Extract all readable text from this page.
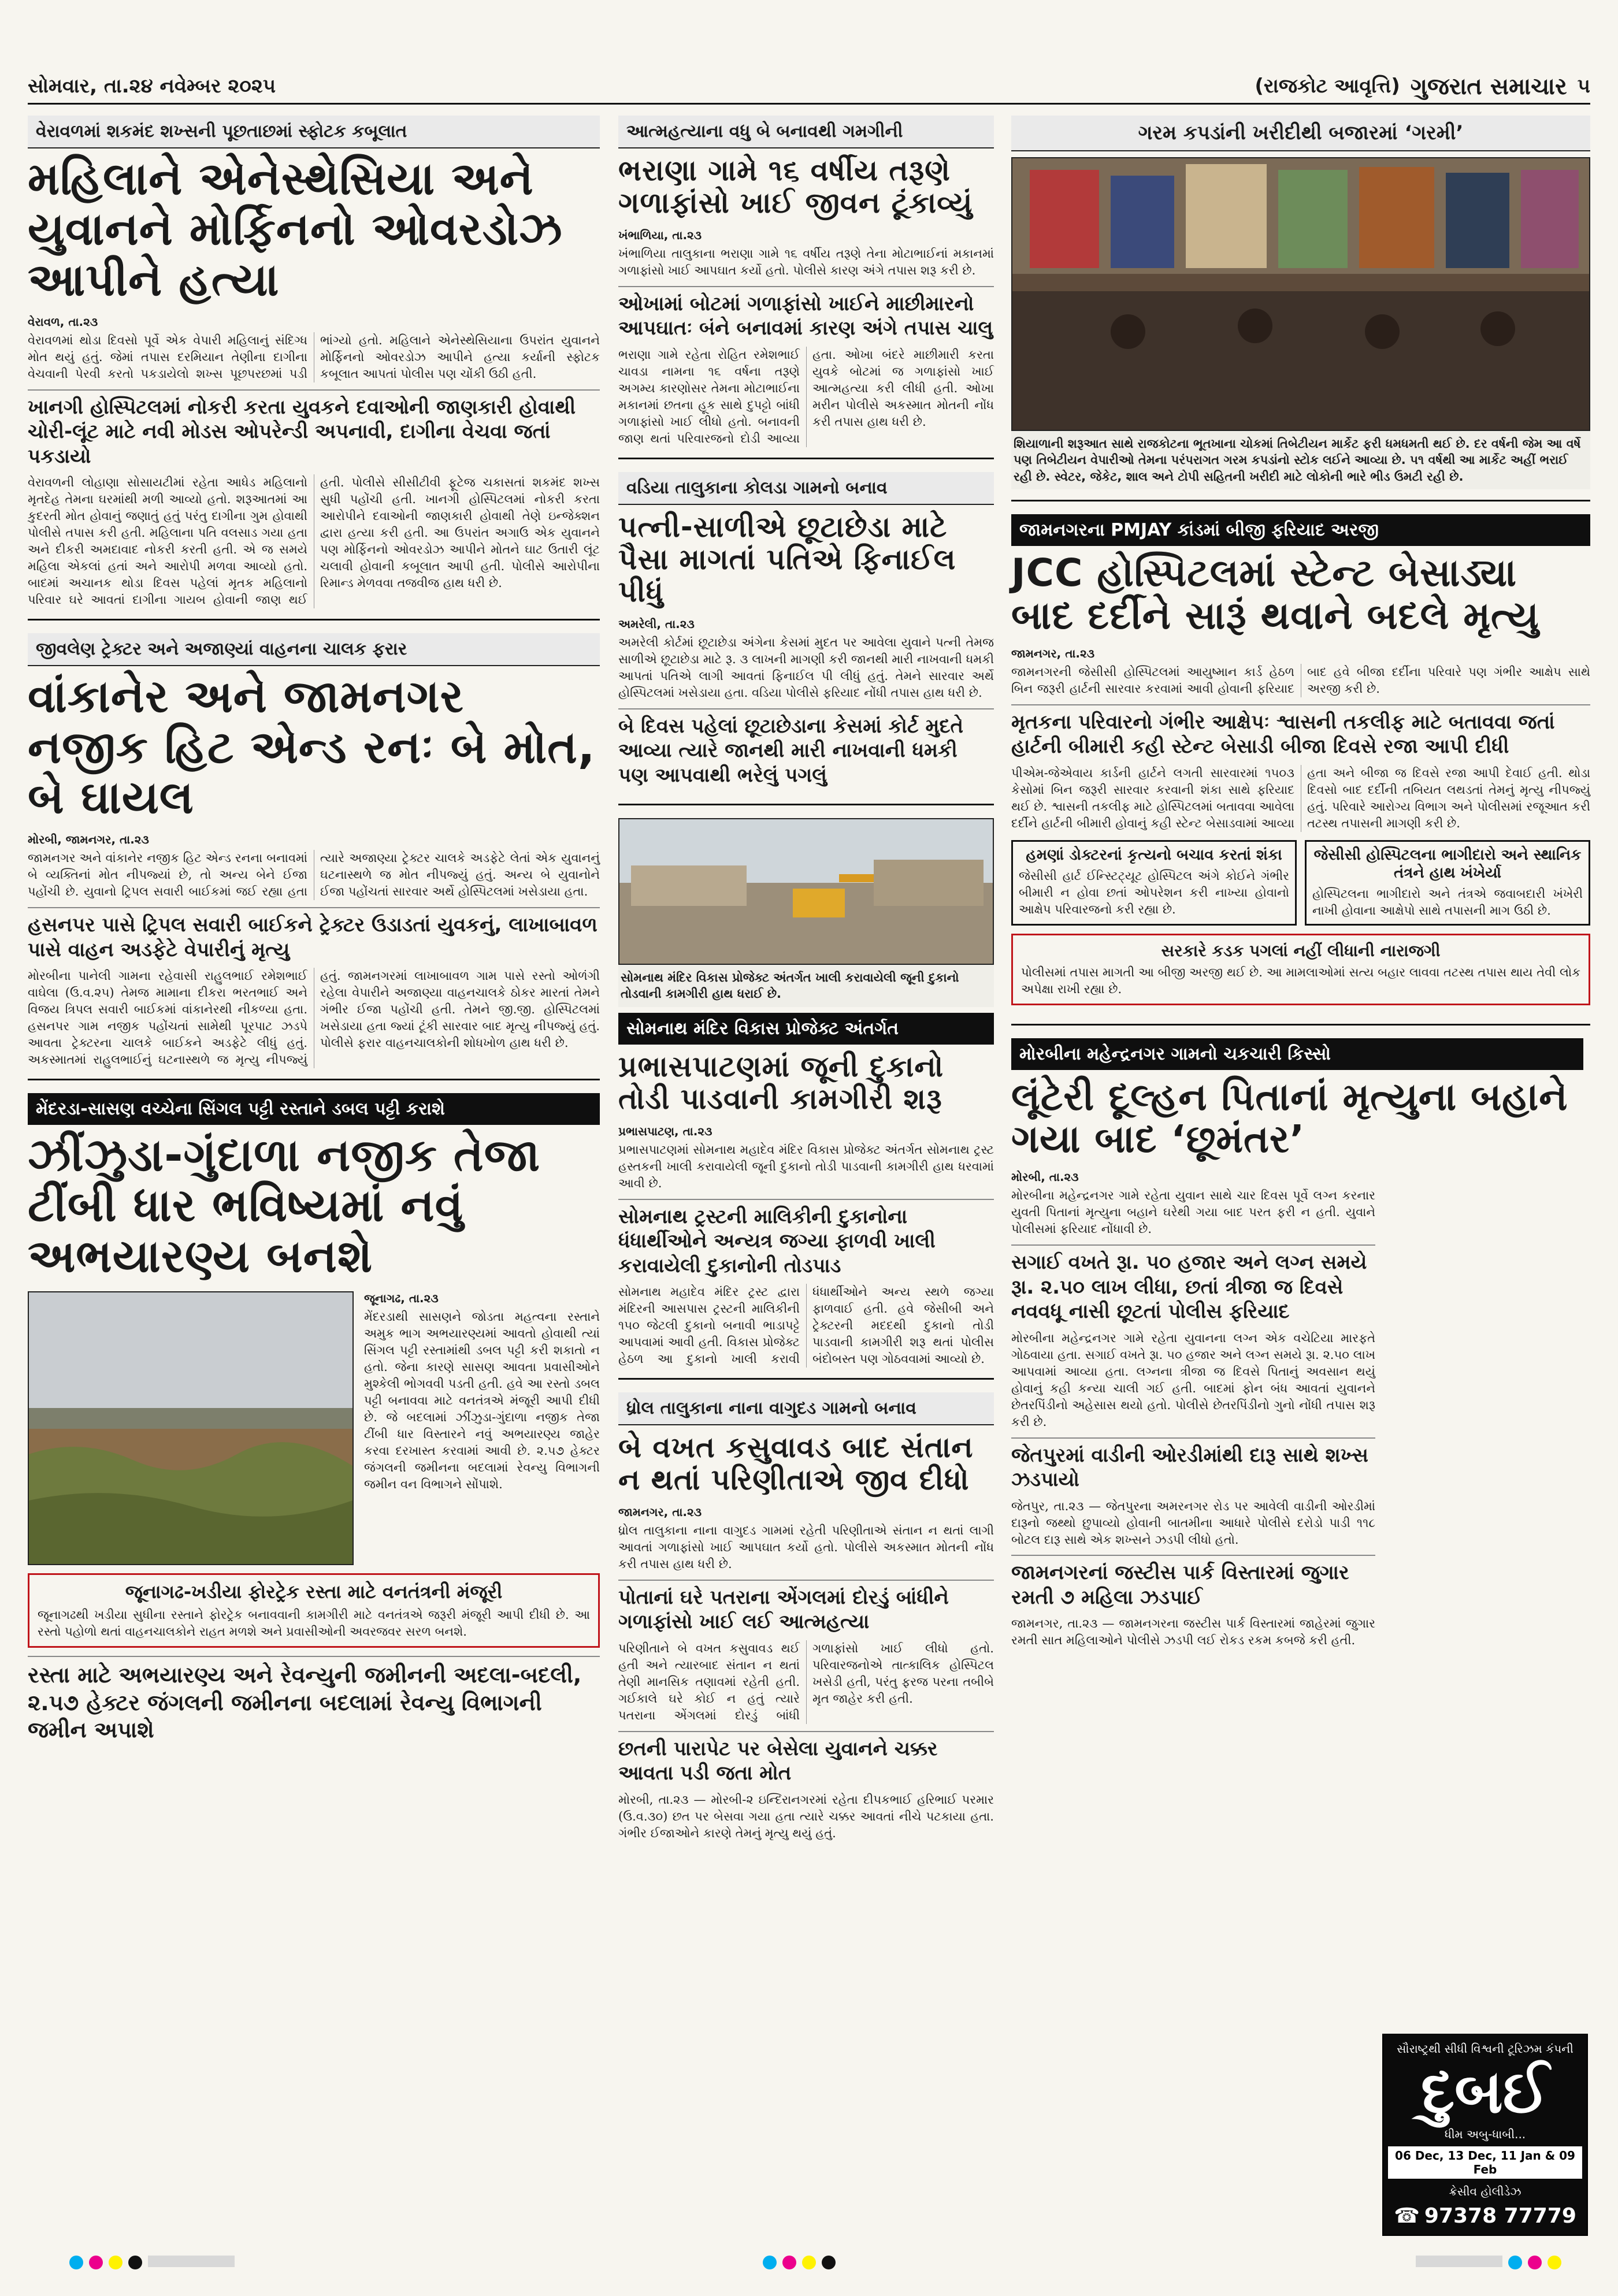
સોમવાર, તા.૨૪ નવેમ્બર ૨૦૨૫	(રાજકોટ આવૃત્તિ) ગુજરાત સમાચાર ૫
વેરાવળમાં શકમંદ શખ્સની પૂછતાછમાં સ્ફોટક કબૂલાત
મહિલાને એનેસ્થેસિયા અને યુવાનને મોર્ફિનનો ઓવરડોઝ આપીને હત્યા
વેરાવળ, તા.૨૩
વેરાવળમાં થોડા દિવસો પૂર્વે એક વેપારી મહિલાનું સંદિગ્ધ મોત થયું હતું. જેમાં તપાસ દરમિયાન તેણીના દાગીના વેચવાની પેરવી કરતો પકડાયેલો શખ્સ પૂછપરછમાં પડી ભાંગ્યો હતો. મહિલાને એનેસ્થેસિયાના ઉપરાંત યુવાનને મોર્ફિનનો ઓવરડોઝ આપીને હત્યા કર્યાની સ્ફોટક કબૂલાત આપતાં પોલીસ પણ ચોંકી ઉઠી હતી.
ખાનગી હોસ્પિટલમાં નોકરી કરતા યુવકને દવાઓની જાણકારી હોવાથી ચોરી-લૂંટ માટે નવી મોડસ ઓપરેન્ડી અપનાવી, દાગીના વેચવા જતાં પકડાયો
વેરાવળની લોહાણા સોસાયટીમાં રહેતા આધેડ મહિલાનો મૃતદેહ તેમના ઘરમાંથી મળી આવ્યો હતો. શરૂઆતમાં આ કુદરતી મોત હોવાનું જણાતું હતું પરંતુ દાગીના ગુમ હોવાથી પોલીસે તપાસ કરી હતી. મહિલાના પતિ વલસાડ ગયા હતા અને દીકરી અમદાવાદ નોકરી કરતી હતી. એ જ સમયે મહિલા એકલાં હતાં અને આરોપી મળવા આવ્યો હતો. બાદમાં અચાનક થોડા દિવસ પહેલાં મૃતક મહિલાનો પરિવાર ઘરે આવતાં દાગીના ગાયબ હોવાની જાણ થઈ હતી. પોલીસે સીસીટીવી ફૂટેજ ચકાસતાં શકમંદ શખ્સ સુધી પહોંચી હતી. ખાનગી હોસ્પિટલમાં નોકરી કરતા આરોપીને દવાઓની જાણકારી હોવાથી તેણે ઇન્જેક્શન દ્વારા હત્યા કરી હતી. આ ઉપરાંત અગાઉ એક યુવાનને પણ મોર્ફિનનો ઓવરડોઝ આપીને મોતને ઘાટ ઉતારી લૂંટ ચલાવી હોવાની કબૂલાત આપી હતી. પોલીસે આરોપીના રિમાન્ડ મેળવવા તજવીજ હાથ ધરી છે.
જીવલેણ ટ્રેક્ટર અને અજાણ્યાં વાહનના ચાલક ફરાર
વાંકાનેર અને જામનગર નજીક હિટ એન્ડ રનઃ બે મોત, બે ઘાયલ
મોરબી, જામનગર, તા.૨૩
જામનગર અને વાંકાનેર નજીક હિટ એન્ડ રનના બનાવમાં બે વ્યક્તિનાં મોત નીપજ્યાં છે, તો અન્ય બેને ઈજા પહોંચી છે. યુવાનો ટ્રિપલ સવારી બાઈકમાં જઈ રહ્યા હતા ત્યારે અજાણ્યા ટ્રેક્ટર ચાલકે અડફેટે લેતાં એક યુવાનનું ઘટનાસ્થળે જ મોત નીપજ્યું હતું. અન્ય બે યુવાનોને ઈજા પહોંચતાં સારવાર અર્થે હોસ્પિટલમાં ખસેડાયા હતા.
હસનપર પાસે ટ્રિપલ સવારી બાઈકને ટ્રેક્ટર ઉડાડતાં યુવકનું, લાખાબાવળ પાસે વાહન અડફેટે વેપારીનું મૃત્યુ
મોરબીના પાનેલી ગામના રહેવાસી રાહુલભાઈ રમેશભાઈ વાઘેલા (ઉ.વ.૨૫) તેમજ મામાના દીકરા ભરતભાઈ અને વિજય ત્રિપલ સવારી બાઈકમાં વાંકાનેરથી નીકળ્યા હતા. હસનપર ગામ નજીક પહોંચતાં સામેથી પૂરપાટ ઝડપે આવતા ટ્રેક્ટરના ચાલકે બાઈકને અડફેટે લીધું હતું. અકસ્માતમાં રાહુલભાઈનું ઘટનાસ્થળે જ મૃત્યુ નીપજ્યું હતું. જામનગરમાં લાખાબાવળ ગામ પાસે રસ્તો ઓળંગી રહેલા વેપારીને અજાણ્યા વાહનચાલકે ઠોકર મારતાં તેમને ગંભીર ઈજા પહોંચી હતી. તેમને જી.જી. હોસ્પિટલમાં ખસેડાયા હતા જ્યાં ટૂંકી સારવાર બાદ મૃત્યુ નીપજ્યું હતું. પોલીસે ફરાર વાહનચાલકોની શોધખોળ હાથ ધરી છે.
મેંદરડા-સાસણ વચ્ચેના સિંગલ પટ્ટી રસ્તાને ડબલ પટ્ટી કરાશે
ઝીંઝુડા-ગુંદાળા નજીક તેજા ટીંબી ધાર ભવિષ્યમાં નવું અભયારણ્ય બનશે
જૂનાગઢ, તા.૨૩
મેંદરડાથી સાસણને જોડતા મહત્વના રસ્તાને અમુક ભાગ અભયારણ્યમાં આવતો હોવાથી ત્યાં સિંગલ પટ્ટી રસ્તામાંથી ડબલ પટ્ટી કરી શકાતો ન હતો. જેના કારણે સાસણ આવતા પ્રવાસીઓને મુશ્કેલી ભોગવવી પડતી હતી. હવે આ રસ્તો ડબલ પટ્ટી બનાવવા માટે વનતંત્રએ મંજૂરી આપી દીધી છે. જે બદલામાં ઝીંઝુડા-ગુંદાળા નજીક તેજા ટીંબી ધાર વિસ્તારને નવું અભયારણ્ય જાહેર કરવા દરખાસ્ત કરવામાં આવી છે. ૨.૫૭ હેક્ટર જંગલની જમીનના બદલામાં રેવન્યુ વિભાગની જમીન વન વિભાગને સોંપાશે.
જૂનાગઢ-ખડીયા ફોરટ્રેક રસ્તા માટે વનતંત્રની મંજૂરી
જૂનાગઢથી ખડીયા સુધીના રસ્તાને ફોરટ્રેક બનાવવાની કામગીરી માટે વનતંત્રએ જરૂરી મંજૂરી આપી દીધી છે. આ રસ્તો પહોળો થતાં વાહનચાલકોને રાહત મળશે અને પ્રવાસીઓની અવરજવર સરળ બનશે.
રસ્તા માટે અભયારણ્ય અને રેવન્યુની જમીનની અદલા-બદલી, ૨.૫૭ હેક્ટર જંગલની જમીનના બદલામાં રેવન્યુ વિભાગની જમીન અપાશે
આત્મહત્યાના વધુ બે બનાવથી ગમગીની
ભરાણા ગામે ૧૬ વર્ષીય તરૂણે ગળાફાંસો ખાઈ જીવન ટૂંકાવ્યું
ખંભાળિયા, તા.૨૩
ખંભાળિયા તાલુકાના ભરાણા ગામે ૧૬ વર્ષીય તરૂણે તેના મોટાભાઈનાં મકાનમાં ગળાફાંસો ખાઈ આપઘાત કર્યો હતો. પોલીસે કારણ અંગે તપાસ શરૂ કરી છે.
ઓખામાં બોટમાં ગળાફાંસો ખાઈને માછીમારનો આપઘાતઃ બંને બનાવમાં કારણ અંગે તપાસ ચાલુ
ભરાણા ગામે રહેતા રોહિત રમેશભાઈ ચાવડા નામના ૧૬ વર્ષના તરૂણે અગમ્ય કારણોસર તેમના મોટાભાઈના મકાનમાં છતના હૂક સાથે દુપટ્ટો બાંધી ગળાફાંસો ખાઈ લીધો હતો. બનાવની જાણ થતાં પરિવારજનો દોડી આવ્યા હતા. ઓખા બંદરે માછીમારી કરતા યુવકે બોટમાં જ ગળાફાંસો ખાઈ આત્મહત્યા કરી લીધી હતી. ઓખા મરીન પોલીસે અકસ્માત મોતની નોંધ કરી તપાસ હાથ ધરી છે.
વડિયા તાલુકાના કોલડા ગામનો બનાવ
પત્ની-સાળીએ છૂટાછેડા માટે પૈસા માગતાં પતિએ ફિનાઈલ પીધું
અમરેલી, તા.૨૩
અમરેલી કોર્ટમાં છૂટાછેડા અંગેના કેસમાં મુદત પર આવેલા યુવાને પત્ની તેમજ સાળીએ છૂટાછેડા માટે રૂ. ૩ લાખની માગણી કરી જાનથી મારી નાખવાની ધમકી આપતાં પતિએ લાગી આવતાં ફિનાઈલ પી લીધું હતું. તેમને સારવાર અર્થે હોસ્પિટલમાં ખસેડાયા હતા. વડિયા પોલીસે ફરિયાદ નોંધી તપાસ હાથ ધરી છે.
બે દિવસ પહેલાં છૂટાછેડાના કેસમાં કોર્ટ મુદતે આવ્યા ત્યારે જાનથી મારી નાખવાની ધમકી પણ આપવાથી ભરેલું પગલું
સોમનાથ મંદિર વિકાસ પ્રોજેક્ટ અંતર્ગત ખાલી કરાવાયેલી જૂની દુકાનો તોડવાની કામગીરી હાથ ધરાઈ છે.
સોમનાથ મંદિર વિકાસ પ્રોજેક્ટ અંતર્ગત
પ્રભાસપાટણમાં જૂની દુકાનો તોડી પાડવાની કામગીરી શરૂ
પ્રભાસપાટણ, તા.૨૩
પ્રભાસપાટણમાં સોમનાથ મહાદેવ મંદિર વિકાસ પ્રોજેક્ટ અંતર્ગત સોમનાથ ટ્રસ્ટ હસ્તકની ખાલી કરાવાયેલી જૂની દુકાનો તોડી પાડવાની કામગીરી હાથ ધરવામાં આવી છે.
સોમનાથ ટ્રસ્ટની માલિકીની દુકાનોના ધંધાર્થીઓને અન્યત્ર જગ્યા ફાળવી ખાલી કરાવાયેલી દુકાનોની તોડપાડ
સોમનાથ મહાદેવ મંદિર ટ્રસ્ટ દ્વારા મંદિરની આસપાસ ટ્રસ્ટની માલિકીની ૧૫૦ જેટલી દુકાનો બનાવી ભાડાપટ્ટે આપવામાં આવી હતી. વિકાસ પ્રોજેક્ટ હેઠળ આ દુકાનો ખાલી કરાવી ધંધાર્થીઓને અન્ય સ્થળે જગ્યા ફાળવાઈ હતી. હવે જેસીબી અને ટ્રેક્ટરની મદદથી દુકાનો તોડી પાડવાની કામગીરી શરૂ થતાં પોલીસ બંદોબસ્ત પણ ગોઠવવામાં આવ્યો છે.
ધ્રોલ તાલુકાના નાના વાગુદડ ગામનો બનાવ
બે વખત કસુવાવડ બાદ સંતાન ન થતાં પરિણીતાએ જીવ દીધો
જામનગર, તા.૨૩
ધ્રોલ તાલુકાના નાના વાગુદડ ગામમાં રહેતી પરિણીતાએ સંતાન ન થતાં લાગી આવતાં ગળાફાંસો ખાઈ આપઘાત કર્યો હતો. પોલીસે અકસ્માત મોતની નોંધ કરી તપાસ હાથ ધરી છે.
પોતાનાં ઘરે પતરાના એંગલમાં દોરડું બાંધીને ગળાફાંસો ખાઈ લઈ આત્મહત્યા
પરિણીતાને બે વખત કસુવાવડ થઈ હતી અને ત્યારબાદ સંતાન ન થતાં તેણી માનસિક તણાવમાં રહેતી હતી. ગઈકાલે ઘરે કોઈ ન હતું ત્યારે પતરાના એંગલમાં દોરડું બાંધી ગળાફાંસો ખાઈ લીધો હતો. પરિવારજનોએ તાત્કાલિક હોસ્પિટલ ખસેડી હતી, પરંતુ ફરજ પરના તબીબે મૃત જાહેર કરી હતી.
છતની પારાપેટ પર બેસેલા યુવાનને ચક્કર આવતા પડી જતા મોત
મોરબી, તા.૨૩ — મોરબી-૨ ઇન્દિરાનગરમાં રહેતા દીપકભાઈ હરિભાઈ પરમાર (ઉ.વ.૩૦) છત પર બેસવા ગયા હતા ત્યારે ચક્કર આવતાં નીચે પટકાયા હતા. ગંભીર ઈજાઓને કારણે તેમનું મૃત્યુ થયું હતું.
ગરમ કપડાંની ખરીદીથી બજારમાં ‘ગરમી’
શિયાળાની શરૂઆત સાથે રાજકોટના ભૂતખાના ચોકમાં તિબેટીયન માર્કેટ ફરી ધમધમતી થઈ છે. દર વર્ષની જેમ આ વર્ષે પણ તિબેટીયન વેપારીઓ તેમના પરંપરાગત ગરમ કપડાંનો સ્ટોક લઈને આવ્યા છે. ૫૧ વર્ષથી આ માર્કેટ અહીં ભરાઈ રહી છે. સ્વેટર, જેકેટ, શાલ અને ટોપી સહિતની ખરીદી માટે લોકોની ભારે ભીડ ઉમટી રહી છે.
જામનગરના PMJAY કાંડમાં બીજી ફરિયાદ અરજી
JCC હોસ્પિટલમાં સ્ટેન્ટ બેસાડ્યા બાદ દર્દીને સારૂં થવાને બદલે મૃત્યુ
જામનગર, તા.૨૩
જામનગરની જેસીસી હોસ્પિટલમાં આયુષ્માન કાર્ડ હેઠળ બિન જરૂરી હાર્ટની સારવાર કરવામાં આવી હોવાની ફરિયાદ બાદ હવે બીજા દર્દીના પરિવારે પણ ગંભીર આક્ષેપ સાથે અરજી કરી છે.
મૃતકના પરિવારનો ગંભીર આક્ષેપઃ શ્વાસની તકલીફ માટે બતાવવા જતાં હાર્ટની બીમારી કહી સ્ટેન્ટ બેસાડી બીજા દિવસે રજા આપી દીધી
પીએમ-જેએવાય કાર્ડની હાર્ટને લગતી સારવારમાં ૧૫૦૩ કેસોમાં બિન જરૂરી સારવાર કરવાની શંકા સાથે ફરિયાદ થઈ છે. શ્વાસની તકલીફ માટે હોસ્પિટલમાં બતાવવા આવેલા દર્દીને હાર્ટની બીમારી હોવાનું કહી સ્ટેન્ટ બેસાડવામાં આવ્યા હતા અને બીજા જ દિવસે રજા આપી દેવાઈ હતી. થોડા દિવસો બાદ દર્દીની તબિયત લથડતાં તેમનું મૃત્યુ નીપજ્યું હતું. પરિવારે આરોગ્ય વિભાગ અને પોલીસમાં રજૂઆત કરી તટસ્થ તપાસની માગણી કરી છે.
હમણાં ડોક્ટરનાં કૃત્યનો બચાવ કરતાં શંકા
જેસીસી હાર્ટ ઈન્સ્ટિટ્યૂટ હોસ્પિટલ અંગે કોઈને ગંભીર બીમારી ન હોવા છતાં ઓપરેશન કરી નાખ્યા હોવાનો આક્ષેપ પરિવારજનો કરી રહ્યા છે.
જેસીસી હોસ્પિટલના ભાગીદારો અને સ્થાનિક તંત્રને હાથ ખંખેર્યા
હોસ્પિટલના ભાગીદારો અને તંત્રએ જવાબદારી ખંખેરી નાખી હોવાના આક્ષેપો સાથે તપાસની માગ ઉઠી છે.
સરકારે કડક પગલાં નહીં લીધાની નારાજગી
પોલીસમાં તપાસ માગતી આ બીજી અરજી થઈ છે. આ મામલાઓમાં સત્ય બહાર લાવવા તટસ્થ તપાસ થાય તેવી લોક અપેક્ષા રાખી રહ્યા છે.
મોરબીના મહેન્દ્રનગર ગામનો ચકચારી કિસ્સો
લૂંટેરી દૂલ્હન પિતાનાં મૃત્યુના બહાને ગયા બાદ ‘છૂમંતર’
મોરબી, તા.૨૩
મોરબીના મહેન્દ્રનગર ગામે રહેતા યુવાન સાથે ચાર દિવસ પૂર્વે લગ્ન કરનાર યુવતી પિતાનાં મૃત્યુના બહાને ઘરેથી ગયા બાદ પરત ફરી ન હતી. યુવાને પોલીસમાં ફરિયાદ નોંધાવી છે.
સગાઈ વખતે રૂા. ૫૦ હજાર અને લગ્ન સમયે રૂા. ૨.૫૦ લાખ લીધા, છતાં ત્રીજા જ દિવસે નવવધૂ નાસી છૂટતાં પોલીસ ફરિયાદ
મોરબીના મહેન્દ્રનગર ગામે રહેતા યુવાનના લગ્ન એક વચેટિયા મારફતે ગોઠવાયા હતા. સગાઈ વખતે રૂા. ૫૦ હજાર અને લગ્ન સમયે રૂા. ૨.૫૦ લાખ આપવામાં આવ્યા હતા. લગ્નના ત્રીજા જ દિવસે પિતાનું અવસાન થયું હોવાનું કહી કન્યા ચાલી ગઈ હતી. બાદમાં ફોન બંધ આવતાં યુવાનને છેતરપિંડીનો અહેસાસ થયો હતો. પોલીસે છેતરપિંડીનો ગુનો નોંધી તપાસ શરૂ કરી છે.
જેતપુરમાં વાડીની ઓરડીમાંથી દારૂ સાથે શખ્સ ઝડપાયો
જેતપુર, તા.૨૩ — જેતપુરના અમરનગર રોડ પર આવેલી વાડીની ઓરડીમાં દારૂનો જથ્થો છુપાવ્યો હોવાની બાતમીના આધારે પોલીસે દરોડો પાડી ૧૧૮ બોટલ દારૂ સાથે એક શખ્સને ઝડપી લીધો હતો.
જામનગરનાં જસ્ટીસ પાર્ક વિસ્તારમાં જુગાર રમતી ૭ મહિલા ઝડપાઈ
જામનગર, તા.૨૩ — જામનગરના જસ્ટીસ પાર્ક વિસ્તારમાં જાહેરમાં જુગાર રમતી સાત મહિલાઓને પોલીસે ઝડપી લઈ રોકડ રકમ કબજે કરી હતી.
સૌરાષ્ટ્રથી સીધી વિશ્વની ટૂરિઝમ કંપની
દુબઈ
ધીમ અબુ-ધાબી...
06 Dec, 13 Dec, 11 Jan & 09 Feb
ક્રેસીવ હોલીડેઝ
☎ 97378 77779
